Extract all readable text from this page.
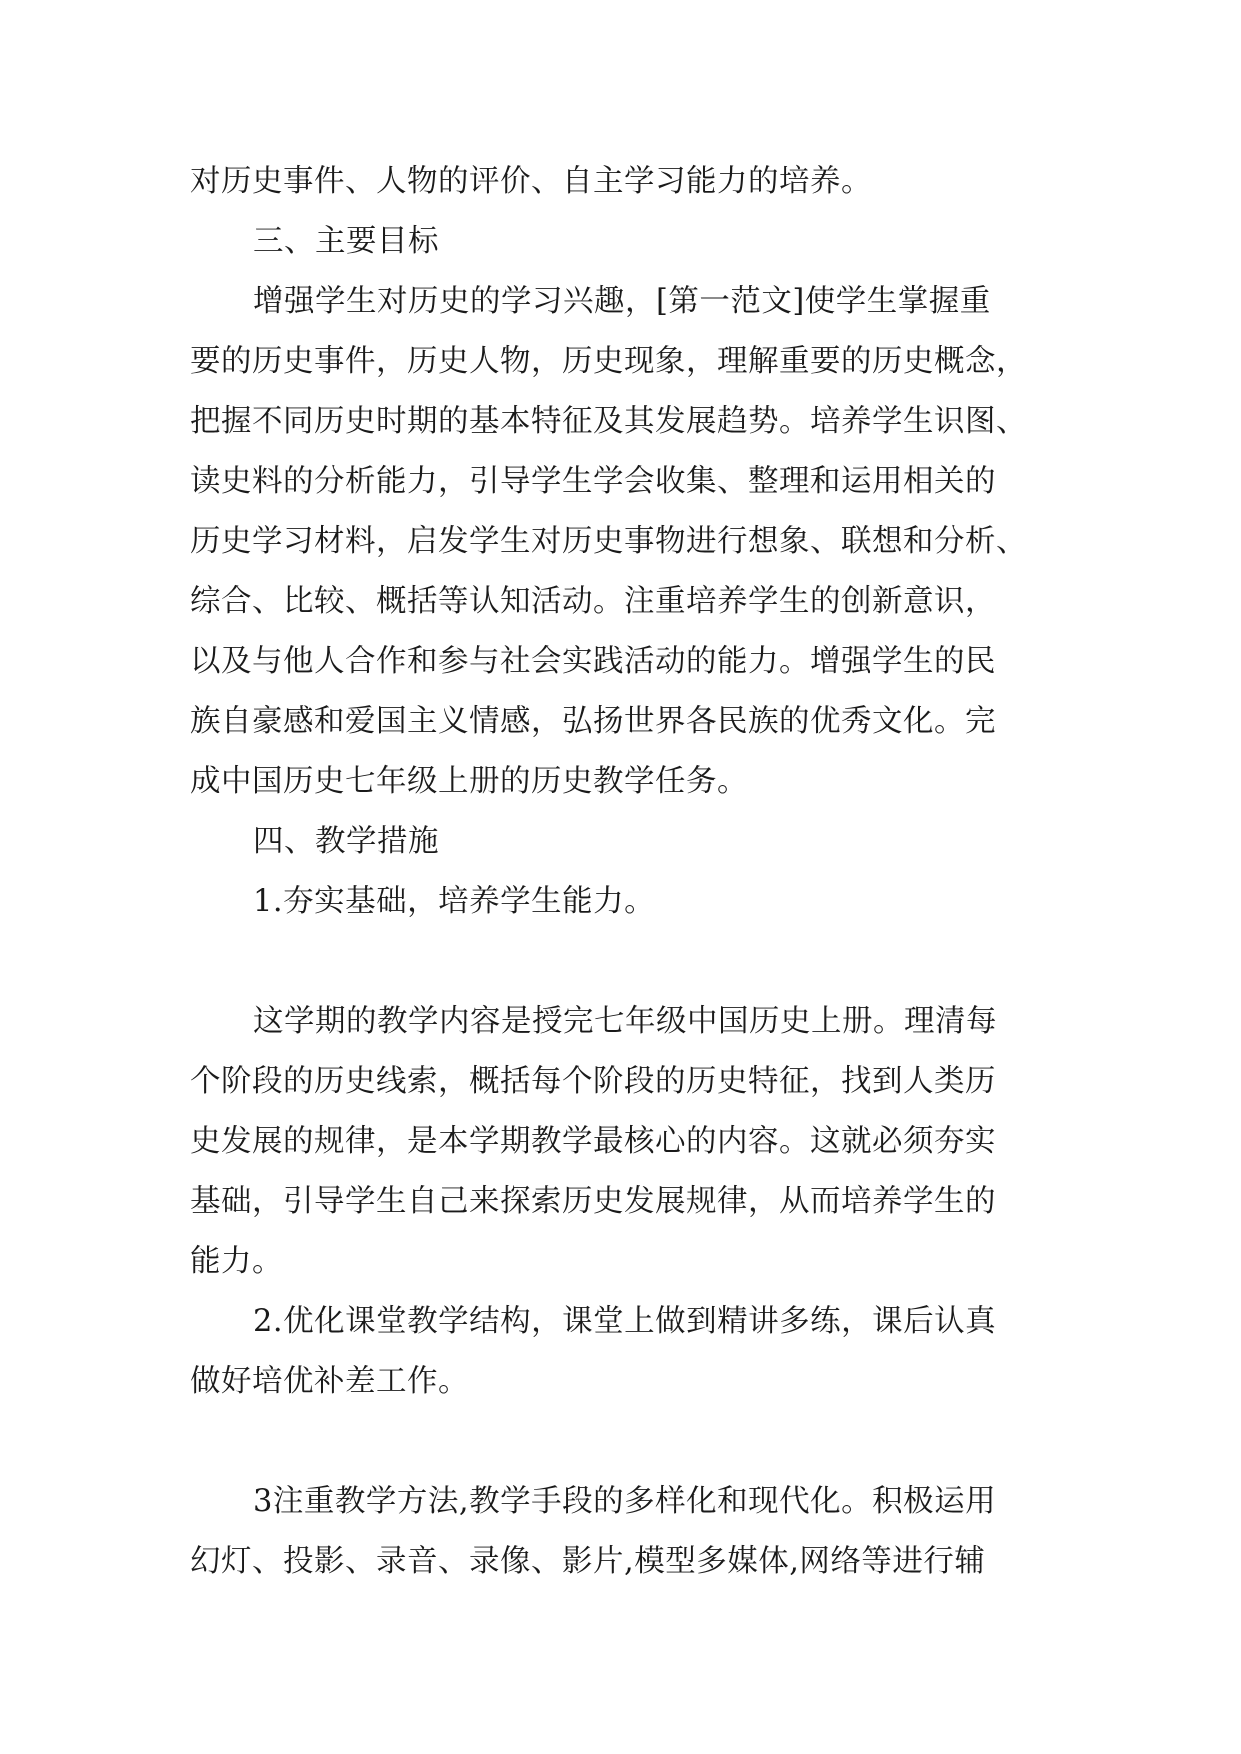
对历史事件、人物的评价、自主学习能力的培养。
三、主要目标
增强学生对历史的学习兴趣，[第一范文]使学生掌握重
要的历史事件，历史人物，历史现象，理解重要的历史概念，
把握不同历史时期的基本特征及其发展趋势。培养学生识图、
读史料的分析能力，引导学生学会收集、整理和运用相关的
历史学习材料，启发学生对历史事物进行想象、联想和分析、
综合、比较、概括等认知活动。注重培养学生的创新意识，
以及与他人合作和参与社会实践活动的能力。增强学生的民
族自豪感和爱国主义情感，弘扬世界各民族的优秀文化。完
成中国历史七年级上册的历史教学任务。
四、教学措施
1.夯实基础，培养学生能力。
这学期的教学内容是授完七年级中国历史上册。理清每
个阶段的历史线索，概括每个阶段的历史特征，找到人类历
史发展的规律，是本学期教学最核心的内容。这就必须夯实
基础，引导学生自己来探索历史发展规律，从而培养学生的
能力。
2.优化课堂教学结构，课堂上做到精讲多练，课后认真
做好培优补差工作。
3注重教学方法,教学手段的多样化和现代化。积极运用
幻灯、投影、录音、录像、影片,模型多媒体,网络等进行辅
